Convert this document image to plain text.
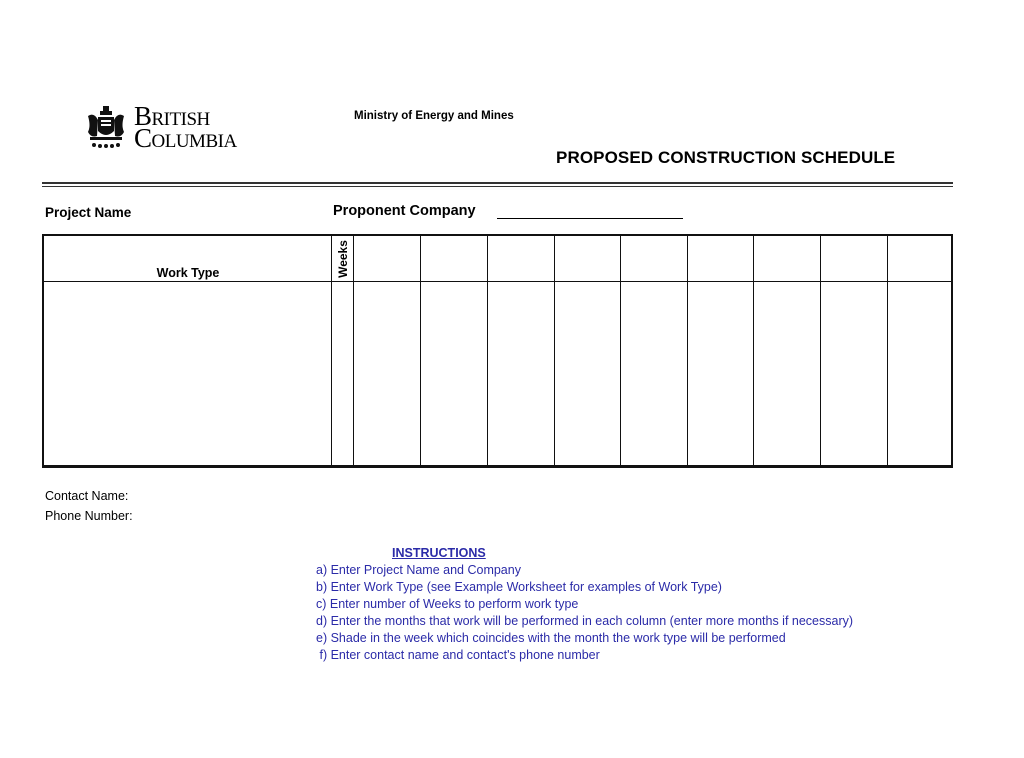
British
Columbia
Ministry of Energy and Mines
PROPOSED CONSTRUCTION SCHEDULE
Project Name	Proponent Company
Work Type	Weeks
Contact Name:
Phone Number:
INSTRUCTIONS
a) Enter Project Name and Company
b) Enter Work Type (see Example Worksheet for examples of Work Type)
c) Enter number of Weeks to perform work type
d) Enter the months that work will be performed in each column (enter more months if necessary)
e) Shade in the week which coincides with the month the work type will be performed
f) Enter contact name and contact's phone number
